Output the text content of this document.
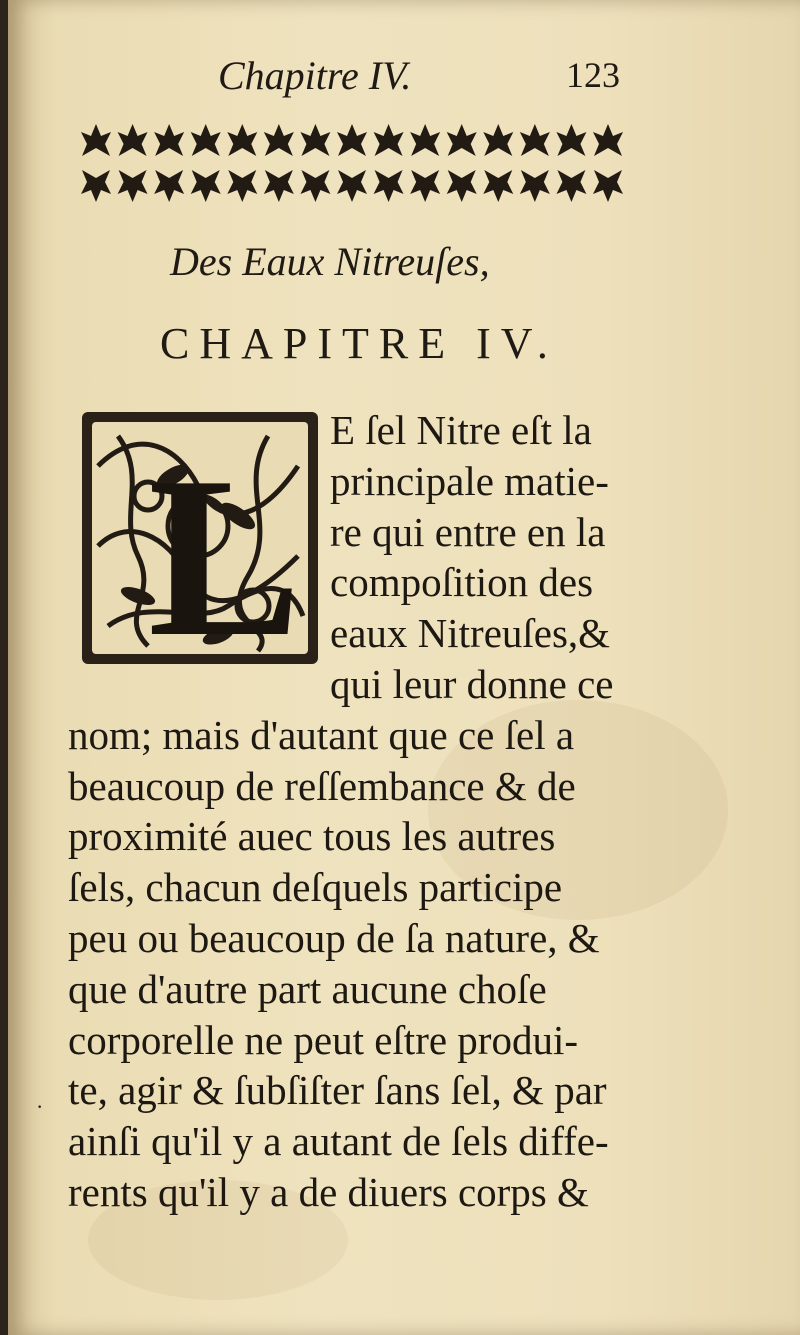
Chapitre IV.	123
Des Eaux Nitreuſes,
CHAPITRE IV.
L E ſel Nitre eſt la
principale matie-
re qui entre en la
compoſition des
eaux Nitreuſes,&
qui leur donne ce
nom; mais d'autant que ce ſel a
beaucoup de reſſembance & de
proximité auec tous les autres
ſels, chacun deſquels participe
peu ou beaucoup de ſa nature, &
que d'autre part aucune choſe
corporelle ne peut eſtre produi-
te, agir & ſubſiſter ſans ſel, & par
ainſi qu'il y a autant de ſels diffe-
rents qu'il y a de diuers corps &
·
